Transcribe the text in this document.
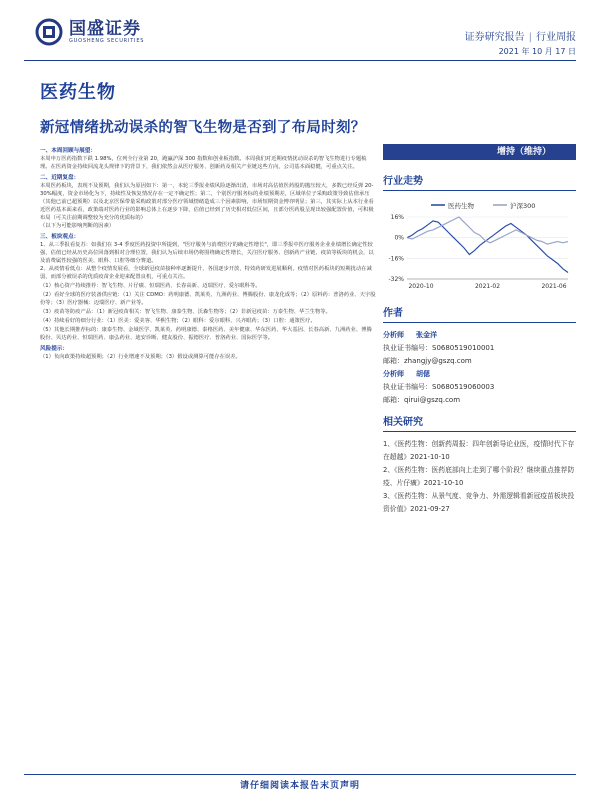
国盛证券
GUOSHENG SECURITIES	证券研究报告 | 行业周报
2021 年 10 月 17 日
医药生物
新冠情绪扰动误杀的智飞生物是否到了布局时刻？
一、本周回顾与展望：
本周申万医药指数下跌 1.98%，位列全行业第 20，跑赢沪深 300 指数和创业板指数。本周我们对近期疫情扰动误杀的智飞生物进行专题梳理。在医药资金持续回流龙头规律下的背景下，我们依然会从医疗服务、创新药及相关产业链这些方向，公司基本面稳健，可重点关注。
二、近期复盘：
本周医药板块，表现不及预期，我们认为原因如下：第一，本轮三季报业绩风险逐渐出清，市场对高估值医药股的抛压较大，多数已经反弹 20-30%幅度，资金市场化为下，持续性及恢复情况存在一定不确定性；第二，个别医疗服务标的业绩预期差，区域单位子采购政策导致估值承压（其他已前已超预期）以及北京医保带量采购政策对部分医疗领域情绪造成三个因素影响，市场短期资金博弈明显；第三，其实际上从本行业看近医药基本面来看，政策端对医药行业的影响总体上在逐步下降，估值已经到了历史相对低位区间，且部分医药股呈现出较强配置价值，可积极布局（可关注前期调整较为充分的优质标的）
（以下为可能影响判断的因素）
三、板块观点：
1、从三季报看复苏：如我们在 3-4 季度医药投资中所提到，"医疗服务与消费医疗的确定性增长"，即三季报中医疗服务企业业绩增长确定性较强，估值已经从历史高位回落到相对合理位置，我们认为后续市场仍将围绕确定性增长，关注医疗服务、创新药产业链、疫苗等板块的机会，以及消费属性较强的医美、眼科、口腔等细分赛道。
2、从疫情看低点：从整个疫情发展看，全球新冠疫苗接种率逐渐提升，各国逐步开放，特效药研发进展顺利，疫情对医药板块的短期扰动在减弱，而部分被误杀的优质疫苗企业迎来配置良机，可重点关注。
（1）核心资产持续推荐：智飞生物、片仔癀、恒瑞医药、长春高新、迈瑞医疗、爱尔眼科等。
（2）看好全球的医疗装备供应链：（1）关注 CDMO：药明康德、凯莱英、九洲药业、博腾股份、康龙化成等；（2）原料药：普洛药业、天宇股份等；（3）医疗器械：迈瑞医疗、新产业等。
（3）疫苗等防疫产品：（1）新冠疫苗相关：智飞生物、康泰生物、沃森生物等；（2）非新冠疫苗：万泰生物、华兰生物等。
（4）持续看好的细分行业：（1）医美：爱美客、华熙生物；（2）眼科：爱尔眼科、兴齐眼药；（3）口腔：通策医疗。
（5）其他长期推荐标的：康泰生物、金域医学、凯莱英、药明康德、泰格医药、美年健康、华东医药、华大基因、长春高新、九洲药业、博腾股份、贝达药业、恒瑞医药、康弘药业、迪安诊断、健友股份、振德医疗、普洛药业、国际医学等。
风险提示：
（1）负向政策持续超预期；（2）行业增速不及预期；（3）假设或测算可能存在误差。
增持（维持）
行业走势
医药生物	沪深300
16%
0%
-16%
-32%
2020-10	2021-02	2021-06
作者
分析师 张金洋
执业证书编号：S0680519010001
邮箱：zhangjy@gszq.com
分析师 胡偲
执业证书编号：S0680519060003
邮箱：qirui@gszq.com
相关研究
1、《医药生物：创新药周报：四年创新导论业医，疫情时代下存在超越》2021-10-10
2、《医药生物：医药底部向上走到了哪个阶段？继续重点推荐防疫、片仔癀》2021-10-10
3、《医药生物：从景气度、竞争力、外需逻辑看新冠疫苗板块投资价值》2021-09-27
请仔细阅读本报告末页声明
